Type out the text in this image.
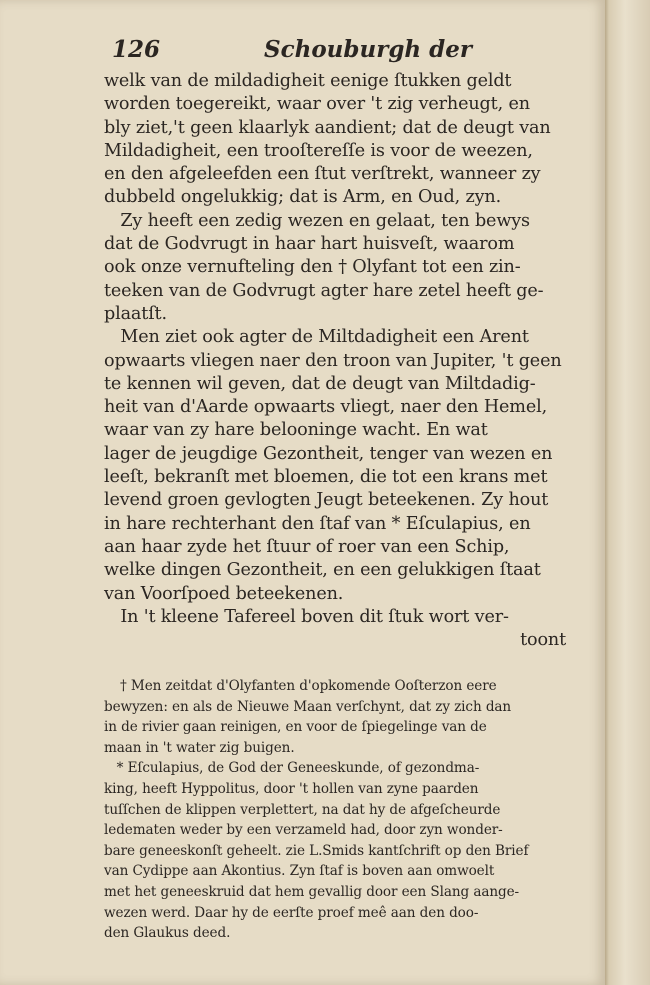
126	Schouburgh der
welk van de mildadigheit eenige ſtukken geldt
worden toegereikt, waar over 't zig verheugt, en
bly ziet,'t geen klaarlyk aandient; dat de deugt van
Mildadigheit, een trooſtereſſe is voor de weezen,
en den afgeleefden een ſtut verſtrekt, wanneer zy
dubbeld ongelukkig; dat is Arm, en Oud, zyn.
Zy heeft een zedig wezen en gelaat, ten bewys
dat de Godvrugt in haar hart huisveſt, waarom
ook onze vernufteling den † Olyfant tot een zin-
teeken van de Godvrugt agter hare zetel heeft ge-
plaatſt.
Men ziet ook agter de Miltdadigheit een Arent
opwaarts vliegen naer den troon van Jupiter, 't geen
te kennen wil geven, dat de deugt van Miltdadig-
heit van d'Aarde opwaarts vliegt, naer den Hemel,
waar van zy hare belooninge wacht. En wat
lager de jeugdige Gezontheit, tenger van wezen en
leeſt, bekranſt met bloemen, die tot een krans met
levend groen gevlogten Jeugt beteekenen. Zy hout
in hare rechterhant den ſtaf van * Eſculapius, en
aan haar zyde het ſtuur of roer van een Schip,
welke dingen Gezontheit, en een gelukkigen ſtaat
van Voorſpoed beteekenen.
In 't kleene Tafereel boven dit ſtuk wort ver-
toont
† Men zeitdat d'Olyfanten d'opkomende Ooſterzon eere
bewyzen: en als de Nieuwe Maan verſchynt, dat zy zich dan
in de rivier gaan reinigen, en voor de ſpiegelinge van de
maan in 't water zig buigen.
* Eſculapius, de God der Geneeskunde, of gezondma-
king, heeft Hyppolitus, door 't hollen van zyne paarden
tuſſchen de klippen verplettert, na dat hy de afgeſcheurde
ledematen weder by een verzameld had, door zyn wonder-
bare geneeskonſt geheelt. zie L.Smids kantſchrift op den Brief
van Cydippe aan Akontius. Zyn ſtaf is boven aan omwoelt
met het geneeskruid dat hem gevallig door een Slang aange-
wezen werd. Daar hy de eerſte proef meê aan den doo-
den Glaukus deed.
